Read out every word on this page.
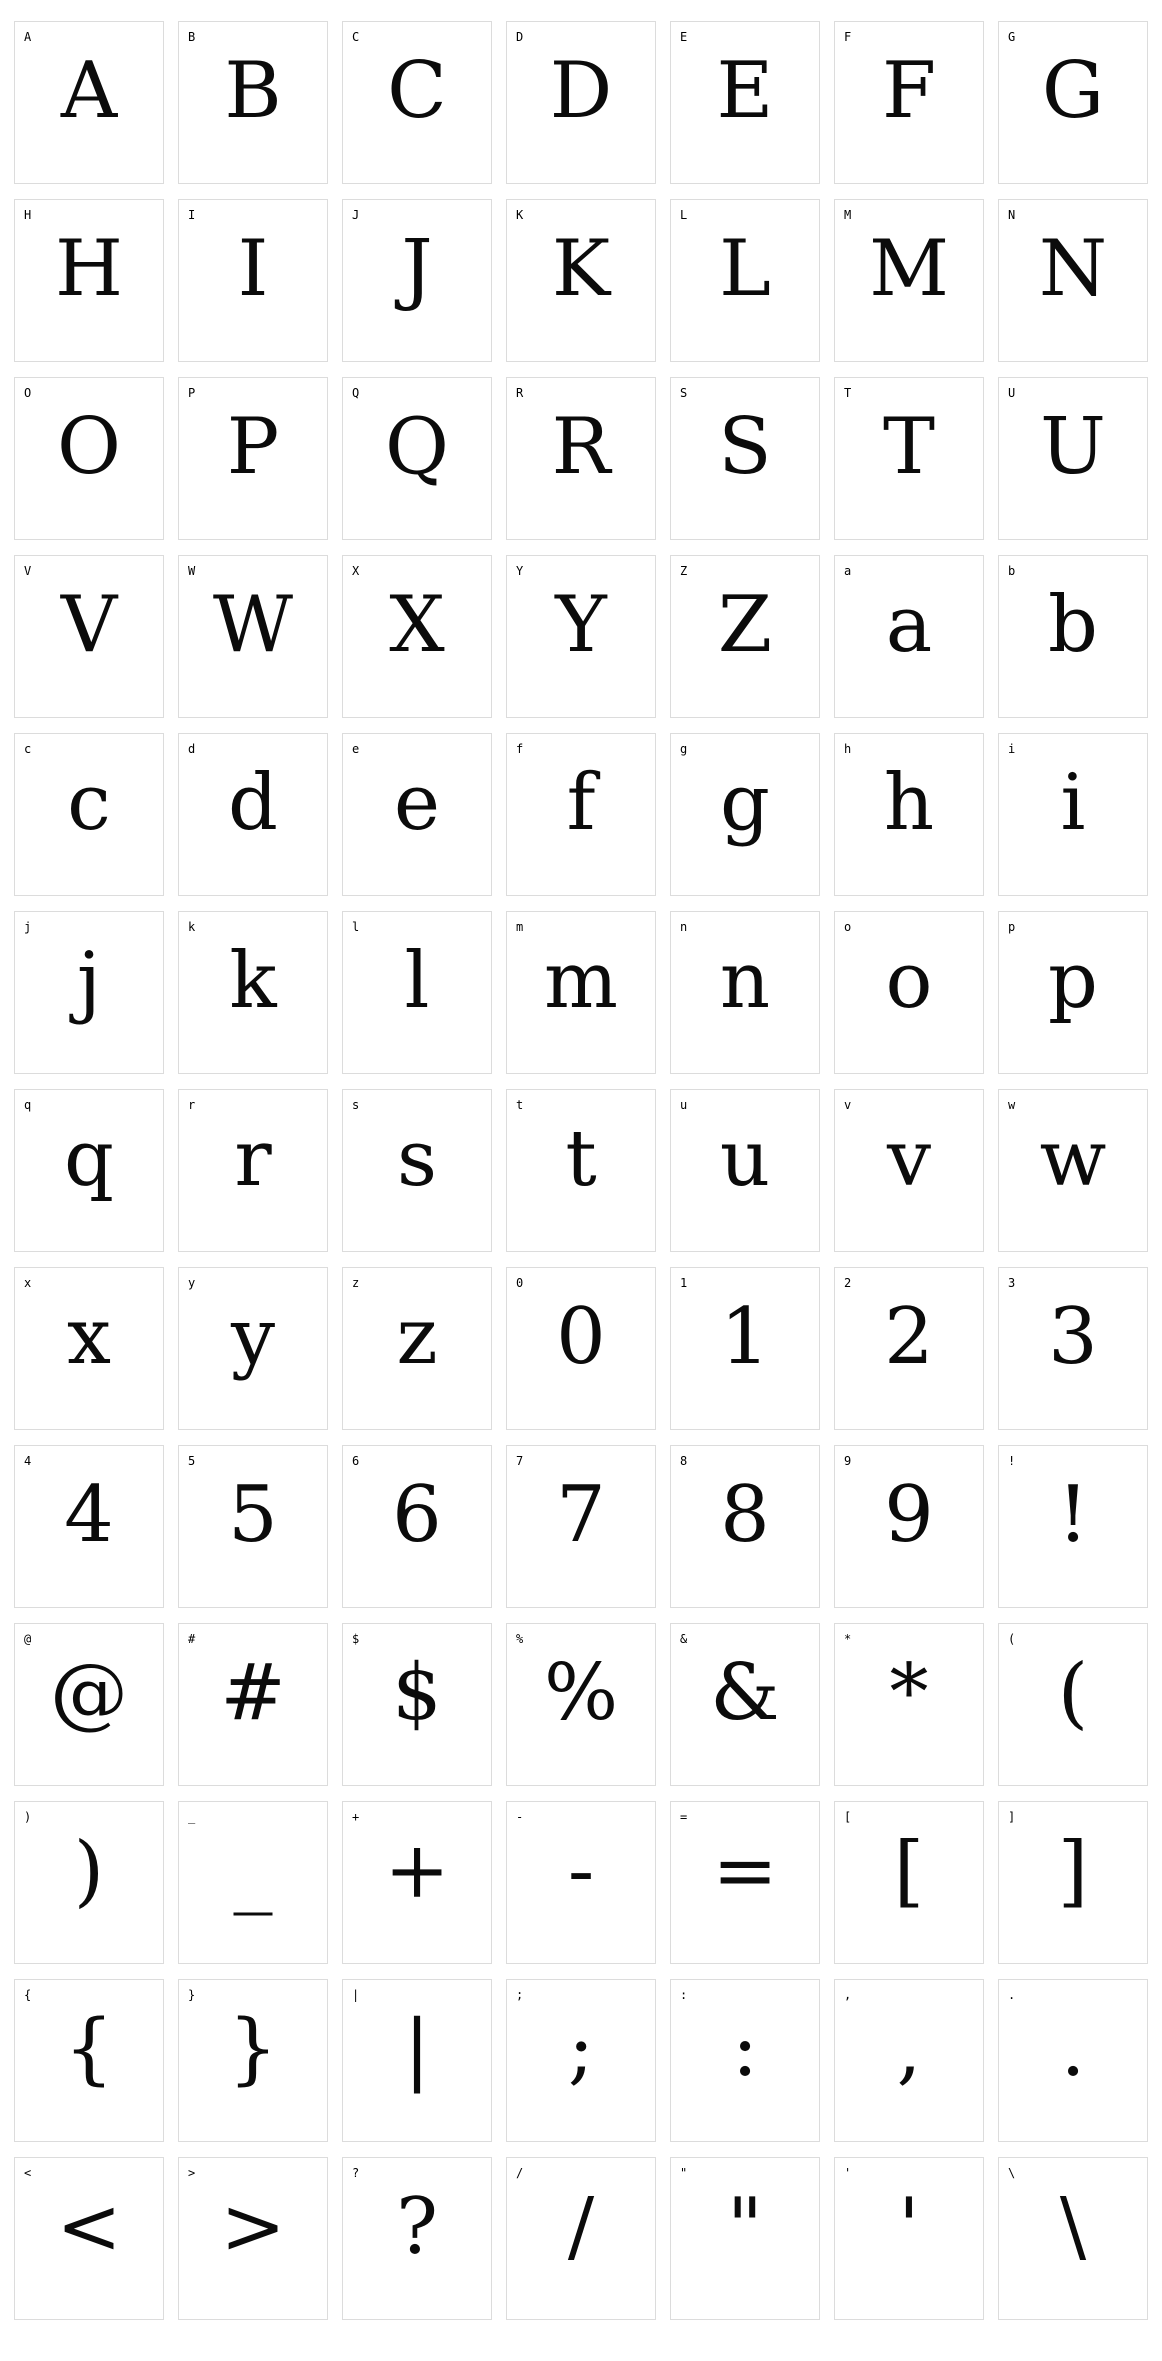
A
A
B
B
C
C
D
D
E
E
F
F
G
G
H
H
I
I
J
J
K
K
L
L
M
M
N
N
O
O
P
P
Q
Q
R
R
S
S
T
T
U
U
V
V
W
W
X
X
Y
Y
Z
Z
a
a
b
b
c
c
d
d
e
e
f
f
g
g
h
h
i
i
j
j
k
k
l
l
m
m
n
n
o
o
p
p
q
q
r
r
s
s
t
t
u
u
v
v
w
w
x
x
y
y
z
z
0
0
1
1
2
2
3
3
4
4
5
5
6
6
7
7
8
8
9
9
!
!
@
@
#
#
$
$
%
%
&
&
*
*
(
(
)
)
_
_
+
+
-
-
=
=
[
[
]
]
{
{
}
}
|
|
;
;
:
:
,
,
.
.
<
<
>
>
?
?
/
/
"
"
'
'
\
\
